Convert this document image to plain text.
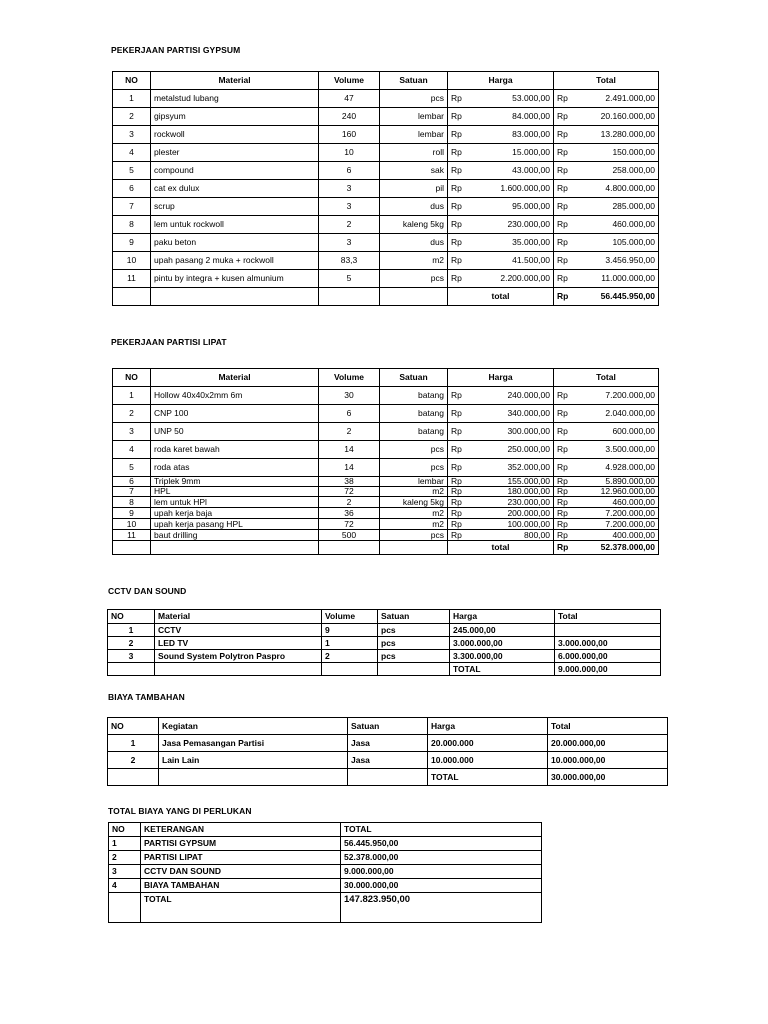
PEKERJAAN PARTISI GYPSUM
NO	Material	Volume	Satuan	Harga		Total	
1	metalstud lubang	47	pcs	Rp	53.000,00	Rp	2.491.000,00
2	gipsyum	240	lembar	Rp	84.000,00	Rp	20.160.000,00
3	rockwoll	160	lembar	Rp	83.000,00	Rp	13.280.000,00
4	plester	10	roll	Rp	15.000,00	Rp	150.000,00
5	compound	6	sak	Rp	43.000,00	Rp	258.000,00
6	cat ex dulux	3	pil	Rp	1.600.000,00	Rp	4.800.000,00
7	scrup	3	dus	Rp	95.000,00	Rp	285.000,00
8	lem untuk rockwoll	2	kaleng 5kg	Rp	230.000,00	Rp	460.000,00
9	paku beton	3	dus	Rp	35.000,00	Rp	105.000,00
10	upah pasang 2 muka + rockwoll	83,3	m2	Rp	41.500,00	Rp	3.456.950,00
11	pintu by integra + kusen almunium	5	pcs	Rp	2.200.000,00	Rp	11.000.000,00
				total		Rp	56.445.950,00
PEKERJAAN PARTISI LIPAT
NO	Material	Volume	Satuan	Harga		Total	
1	Hollow 40x40x2mm 6m	30	batang	Rp	240.000,00	Rp	7.200.000,00
2	CNP 100	6	batang	Rp	340.000,00	Rp	2.040.000,00
3	UNP 50	2	batang	Rp	300.000,00	Rp	600.000,00
4	roda karet bawah	14	pcs	Rp	250.000,00	Rp	3.500.000,00
5	roda atas	14	pcs	Rp	352.000,00	Rp	4.928.000,00
6	Triplek 9mm	38	lembar	Rp	155.000,00	Rp	5.890.000,00
7	HPL	72	m2	Rp	180.000,00	Rp	12.960.000,00
8	lem untuk HPl	2	kaleng 5kg	Rp	230.000,00	Rp	460.000,00
9	upah kerja baja	36	m2	Rp	200.000,00	Rp	7.200.000,00
10	upah kerja pasang HPL	72	m2	Rp	100.000,00	Rp	7.200.000,00
11	baut drilling	500	pcs	Rp	800,00	Rp	400.000,00
				total		Rp	52.378.000,00
CCTV DAN SOUND
NO	Material	Volume	Satuan	Harga	Total
1	CCTV	9	pcs	245.000,00	
2	LED TV	1	pcs	3.000.000,00	3.000.000,00
3	Sound System Polytron Paspro	2	pcs	3.300.000,00	6.000.000,00
				TOTAL	9.000.000,00
BIAYA TAMBAHAN
NO	Kegiatan	Satuan	Harga	Total
1	Jasa Pemasangan Partisi	Jasa	20.000.000	20.000.000,00
2	Lain Lain	Jasa	10.000.000	10.000.000,00
			TOTAL	30.000.000,00
TOTAL BIAYA YANG DI PERLUKAN
NO	KETERANGAN	TOTAL
1	PARTISI GYPSUM	56.445.950,00
2	PARTISI LIPAT	52.378.000,00
3	CCTV DAN SOUND	9.000.000,00
4	BIAYA TAMBAHAN	30.000.000,00
	TOTAL	147.823.950,00
